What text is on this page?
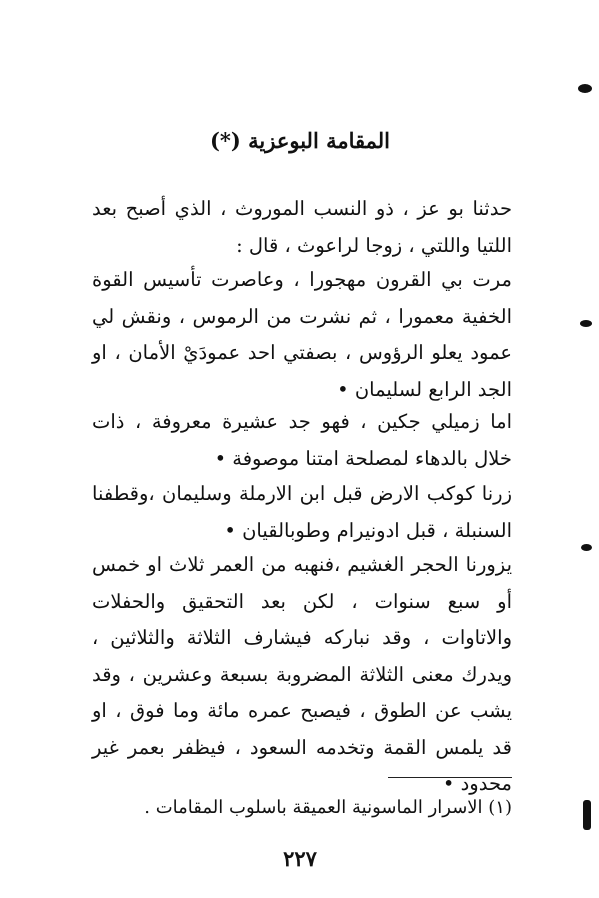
المقامة البوعزية (*)

حدثنا بو عز ، ذو النسب الموروث ، الذي أصبح بعد اللتيا واللتي ، زوجا لراعوث ، قال :

مرت بي القرون مهجورا ، وعاصرت تأسيس القوة الخفية معمورا ، ثم نشرت من الرموس ، ونقش لي عمود يعلو الرؤوس ، بصفتي احد عمودَيْ الأمان ، او الجد الرابع لسليمان •

اما زميلي جكين ، فهو جد عشيرة معروفة ، ذات خلال بالدهاء لمصلحة امتنا موصوفة •

زرنا كوكب الارض قبل ابن الارملة وسليمان ،وقطفنا السنبلة ، قبل ادونيرام وطوبالقيان •

يزورنا الحجر الغشيم ،فنهبه من العمر ثلاث او خمس أو سبع سنوات ، لكن بعد التحقيق والحفلات والاتاوات ، وقد نباركه فيشارف الثلاثة والثلاثين ، ويدرك معنى الثلاثة المضروبة بسبعة وعشرين ، وقد يشب عن الطوق ، فيصبح عمره مائة وما فوق ، او قد يلمس القمة وتخدمه السعود ، فيظفر بعمر غير محدود •

(١) الاسرار الماسونية العميقة باسلوب المقامات .
٢٢٧
